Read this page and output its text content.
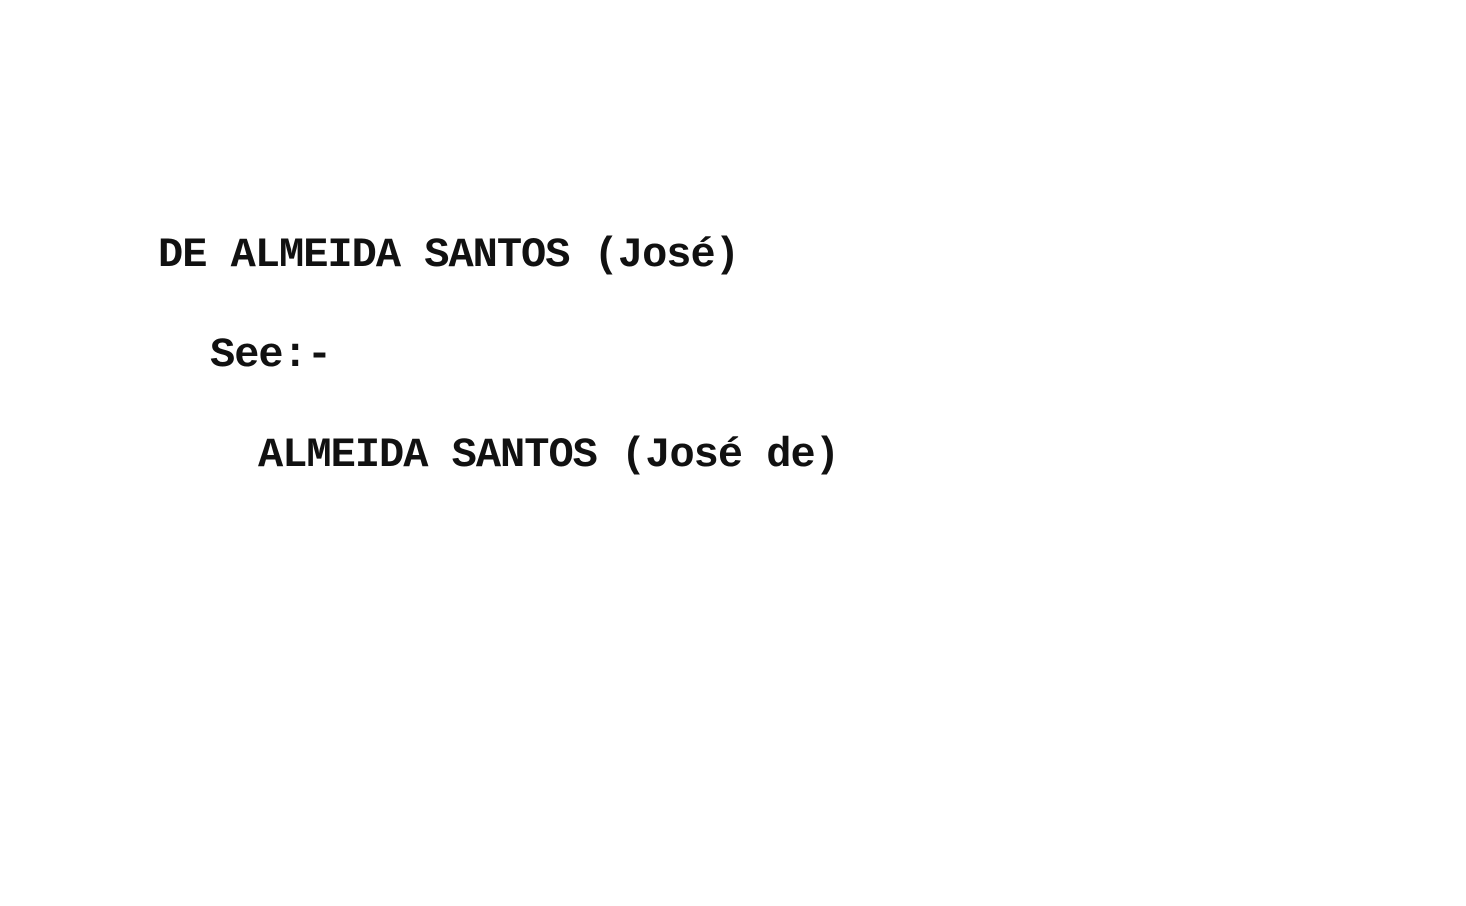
DE ALMEIDA SANTOS (José)
See:-
ALMEIDA SANTOS (José de)
